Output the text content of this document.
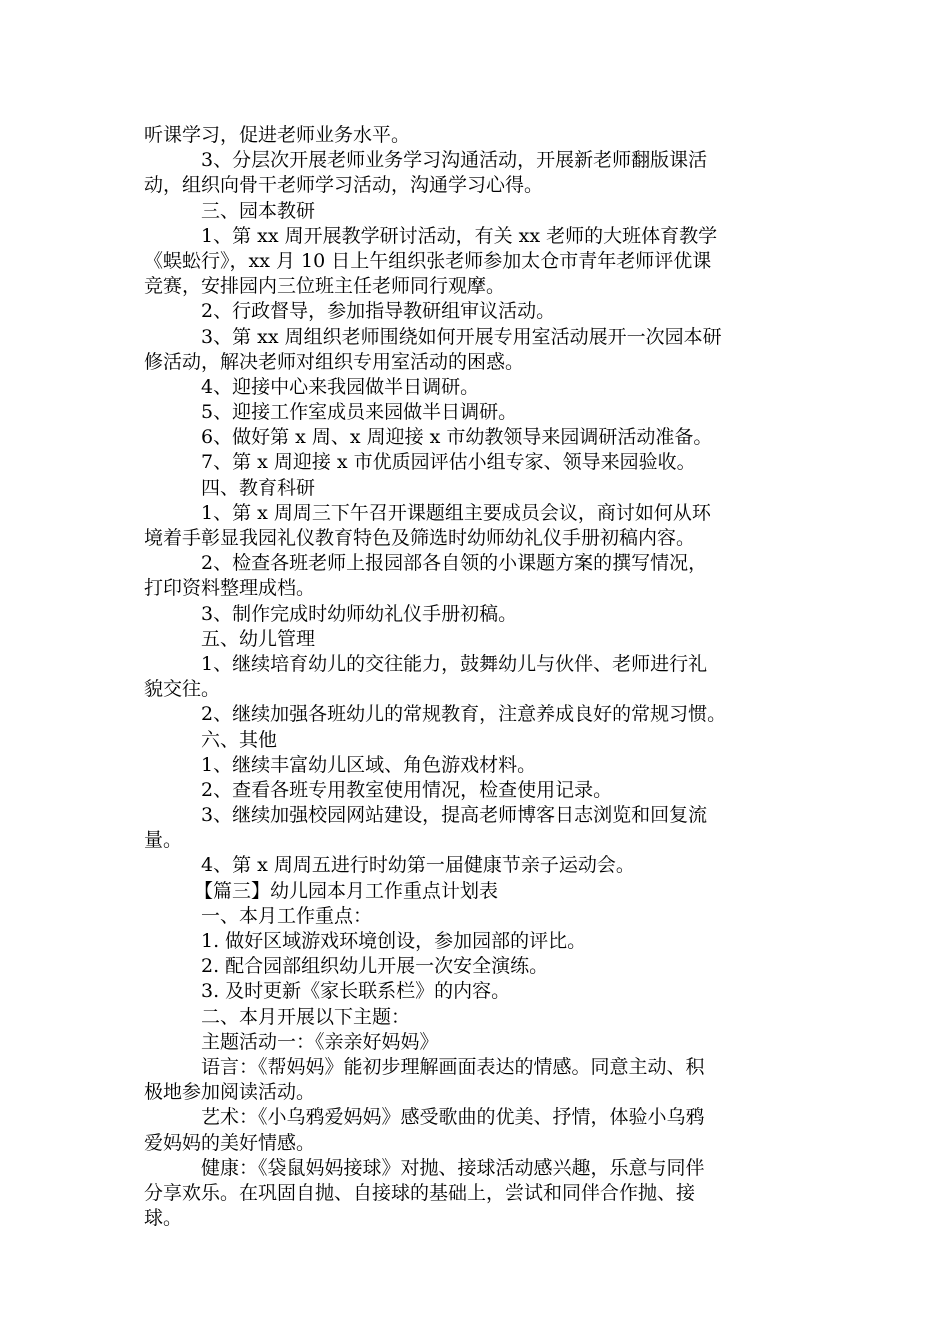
听课学习，促进老师业务水平。
3、分层次开展老师业务学习沟通活动，开展新老师翻版课活
动，组织向骨干老师学习活动，沟通学习心得。
三、园本教研
1、第 xx 周开展教学研讨活动，有关 xx 老师的大班体育教学
《蜈蚣行》，xx 月 10 日上午组织张老师参加太仓市青年老师评优课
竞赛，安排园内三位班主任老师同行观摩。
2、行政督导，参加指导教研组审议活动。
3、第 xx 周组织老师围绕如何开展专用室活动展开一次园本研
修活动，解决老师对组织专用室活动的困惑。
4、迎接中心来我园做半日调研。
5、迎接工作室成员来园做半日调研。
6、做好第 x 周、x 周迎接 x 市幼教领导来园调研活动准备。
7、第 x 周迎接 x 市优质园评估小组专家、领导来园验收。
四、教育科研
1、第 x 周周三下午召开课题组主要成员会议，商讨如何从环
境着手彰显我园礼仪教育特色及筛选时幼师幼礼仪手册初稿内容。
2、检查各班老师上报园部各自领的小课题方案的撰写情况，
打印资料整理成档。
3、制作完成时幼师幼礼仪手册初稿。
五、幼儿管理
1、继续培育幼儿的交往能力，鼓舞幼儿与伙伴、老师进行礼
貌交往。
2、继续加强各班幼儿的常规教育，注意养成良好的常规习惯。
六、其他
1、继续丰富幼儿区域、角色游戏材料。
2、查看各班专用教室使用情况，检查使用记录。
3、继续加强校园网站建设，提高老师博客日志浏览和回复流
量。
4、第 x 周周五进行时幼第一届健康节亲子运动会。
【篇三】幼儿园本月工作重点计划表
一、本月工作重点：
1. 做好区域游戏环境创设，参加园部的评比。
2. 配合园部组织幼儿开展一次安全演练。
3. 及时更新《家长联系栏》的内容。
二、本月开展以下主题：
主题活动一：《亲亲好妈妈》
语言：《帮妈妈》能初步理解画面表达的情感。同意主动、积
极地参加阅读活动。
艺术：《小乌鸦爱妈妈》感受歌曲的优美、抒情，体验小乌鸦
爱妈妈的美好情感。
健康：《袋鼠妈妈接球》对抛、接球活动感兴趣，乐意与同伴
分享欢乐。在巩固自抛、自接球的基础上，尝试和同伴合作抛、接
球。
